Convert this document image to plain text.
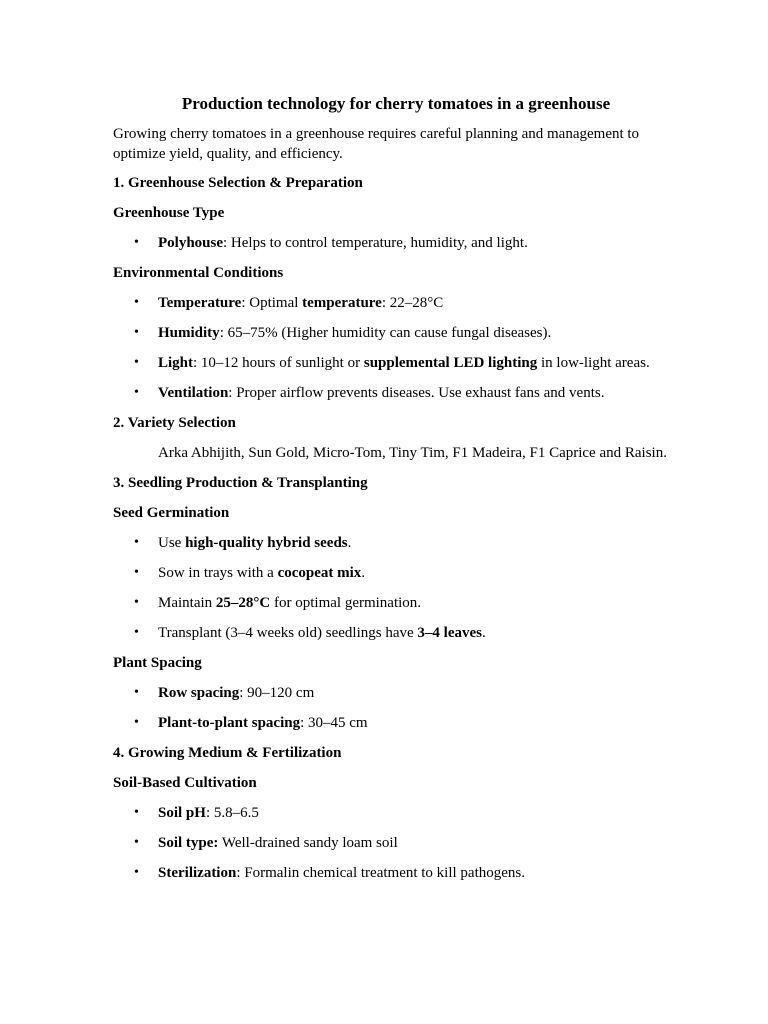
Production technology for cherry tomatoes in a greenhouse
Growing cherry tomatoes in a greenhouse requires careful planning and management to optimize yield, quality, and efficiency.
1. Greenhouse Selection & Preparation
Greenhouse Type
• Polyhouse: Helps to control temperature, humidity, and light.
Environmental Conditions
• Temperature: Optimal temperature: 22–28°C
• Humidity: 65–75% (Higher humidity can cause fungal diseases).
• Light: 10–12 hours of sunlight or supplemental LED lighting in low-light areas.
• Ventilation: Proper airflow prevents diseases. Use exhaust fans and vents.
2. Variety Selection
Arka Abhijith, Sun Gold, Micro-Tom, Tiny Tim, F1 Madeira, F1 Caprice and Raisin.
3. Seedling Production & Transplanting
Seed Germination
• Use high-quality hybrid seeds.
• Sow in trays with a cocopeat mix.
• Maintain 25–28°C for optimal germination.
• Transplant (3–4 weeks old) seedlings have 3–4 leaves.
Plant Spacing
• Row spacing: 90–120 cm
• Plant-to-plant spacing: 30–45 cm
4. Growing Medium & Fertilization
Soil-Based Cultivation
• Soil pH: 5.8–6.5
• Soil type: Well-drained sandy loam soil
• Sterilization: Formalin chemical treatment to kill pathogens.
